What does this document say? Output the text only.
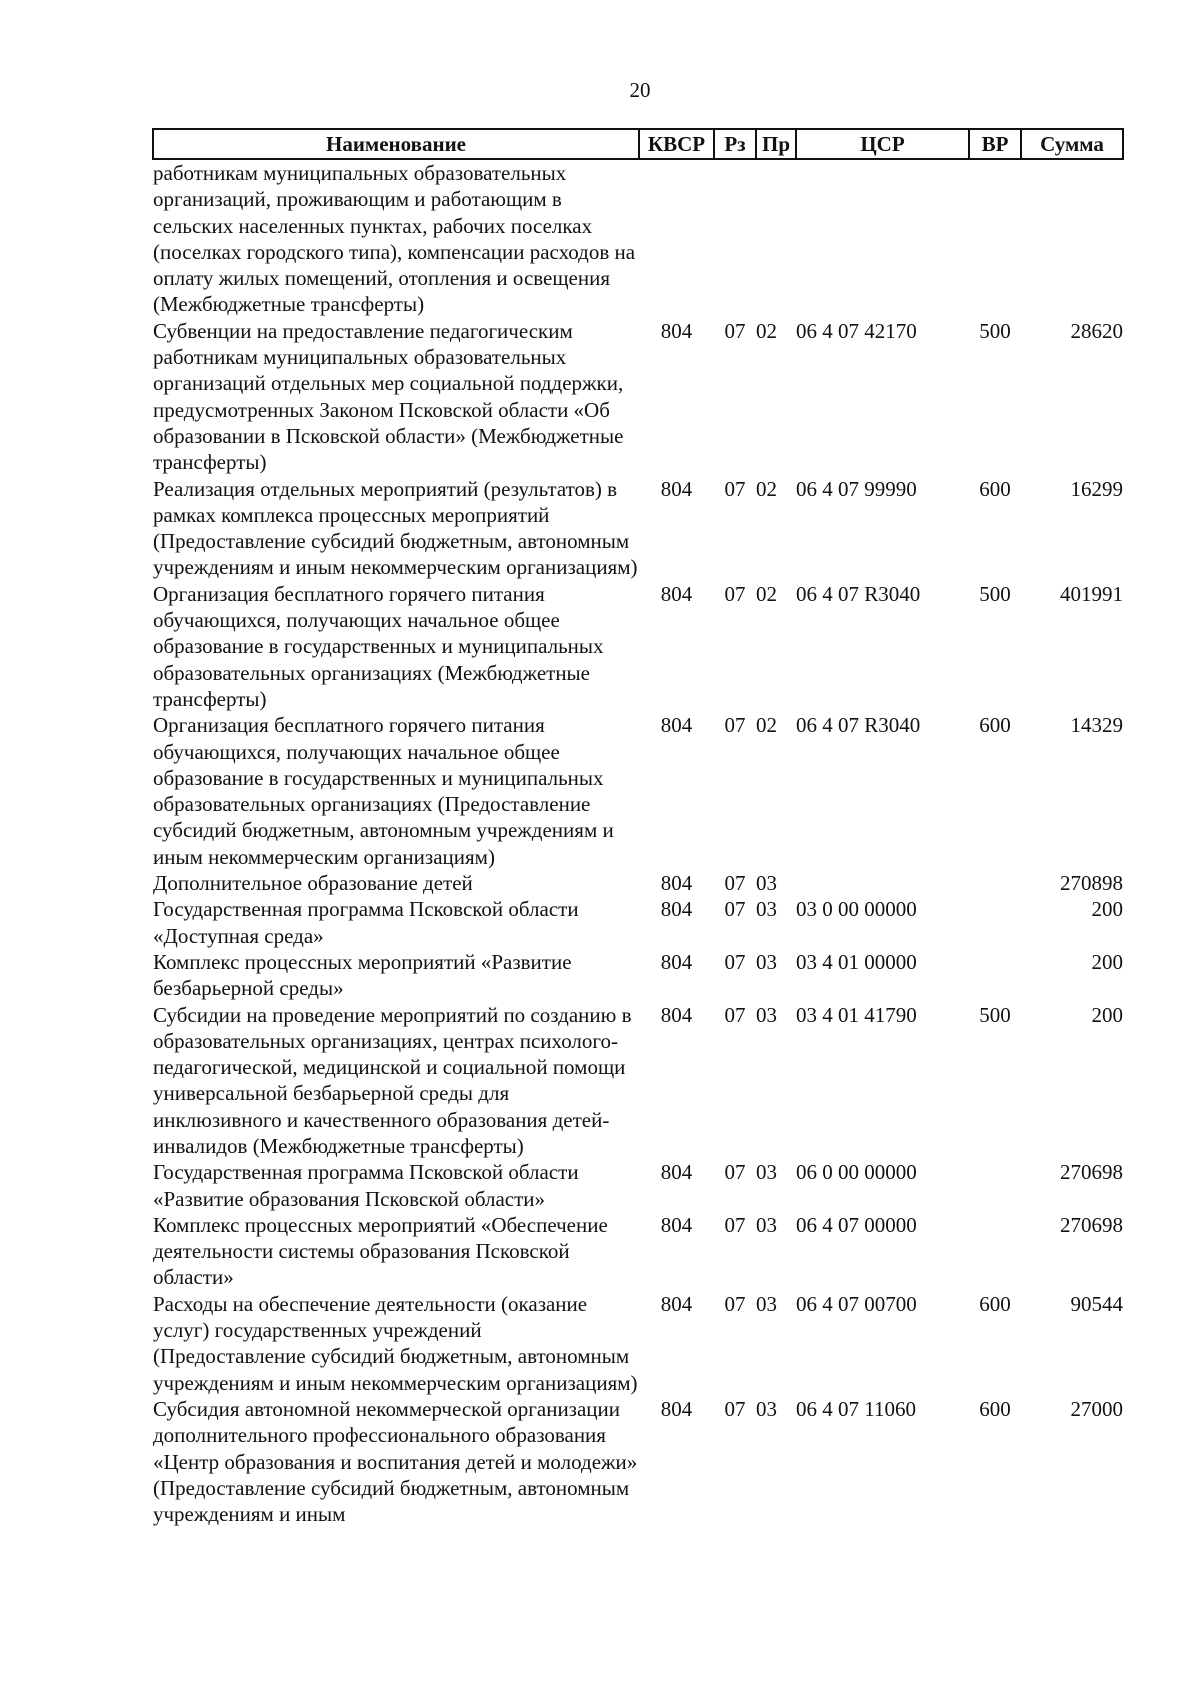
20
Наименование	КВСР	Рз	Пр	ЦСР	ВР	Сумма
работникам муниципальных образовательных организаций, проживающим и работающим в сельских населенных пунктах, рабочих поселках (поселках городского типа), компенсации расходов на оплату жилых помещений, отопления и освещения (Межбюджетные трансферты)						
Субвенции на предоставление педагогическим работникам муниципальных образовательных организаций отдельных мер социальной поддержки, предусмотренных Законом Псковской области «Об образовании в Псковской области» (Межбюджетные трансферты)	804	07	02	06 4 07 42170	500	28620
Реализация отдельных мероприятий (результатов) в рамках комплекса процессных мероприятий (Предоставление субсидий бюджетным, автономным учреждениям и иным некоммерческим организациям)	804	07	02	06 4 07 99990	600	16299
Организация бесплатного горячего питания обучающихся, получающих начальное общее образование в государственных и муниципальных образовательных организациях (Межбюджетные трансферты)	804	07	02	06 4 07 R3040	500	401991
Организация бесплатного горячего питания обучающихся, получающих начальное общее образование в государственных и муниципальных образовательных организациях (Предоставление субсидий бюджетным, автономным учреждениям и иным некоммерческим организациям)	804	07	02	06 4 07 R3040	600	14329
Дополнительное образование детей	804	07	03			270898
Государственная программа Псковской области «Доступная среда»	804	07	03	03 0 00 00000		200
Комплекс процессных мероприятий «Развитие безбарьерной среды»	804	07	03	03 4 01 00000		200
Субсидии на проведение мероприятий по созданию в образовательных организациях, центрах психолого-педагогической, медицинской и социальной помощи универсальной безбарьерной среды для инклюзивного и качественного образования детей-инвалидов (Межбюджетные трансферты)	804	07	03	03 4 01 41790	500	200
Государственная программа Псковской области «Развитие образования Псковской области»	804	07	03	06 0 00 00000		270698
Комплекс процессных мероприятий «Обеспечение деятельности системы образования Псковской области»	804	07	03	06 4 07 00000		270698
Расходы на обеспечение деятельности (оказание услуг) государственных учреждений (Предоставление субсидий бюджетным, автономным учреждениям и иным некоммерческим организациям)	804	07	03	06 4 07 00700	600	90544
Субсидия автономной некоммерческой организации дополнительного профессионального образования «Центр образования и воспитания детей и молодежи» (Предоставление субсидий бюджетным, автономным учреждениям и иным	804	07	03	06 4 07 11060	600	27000
